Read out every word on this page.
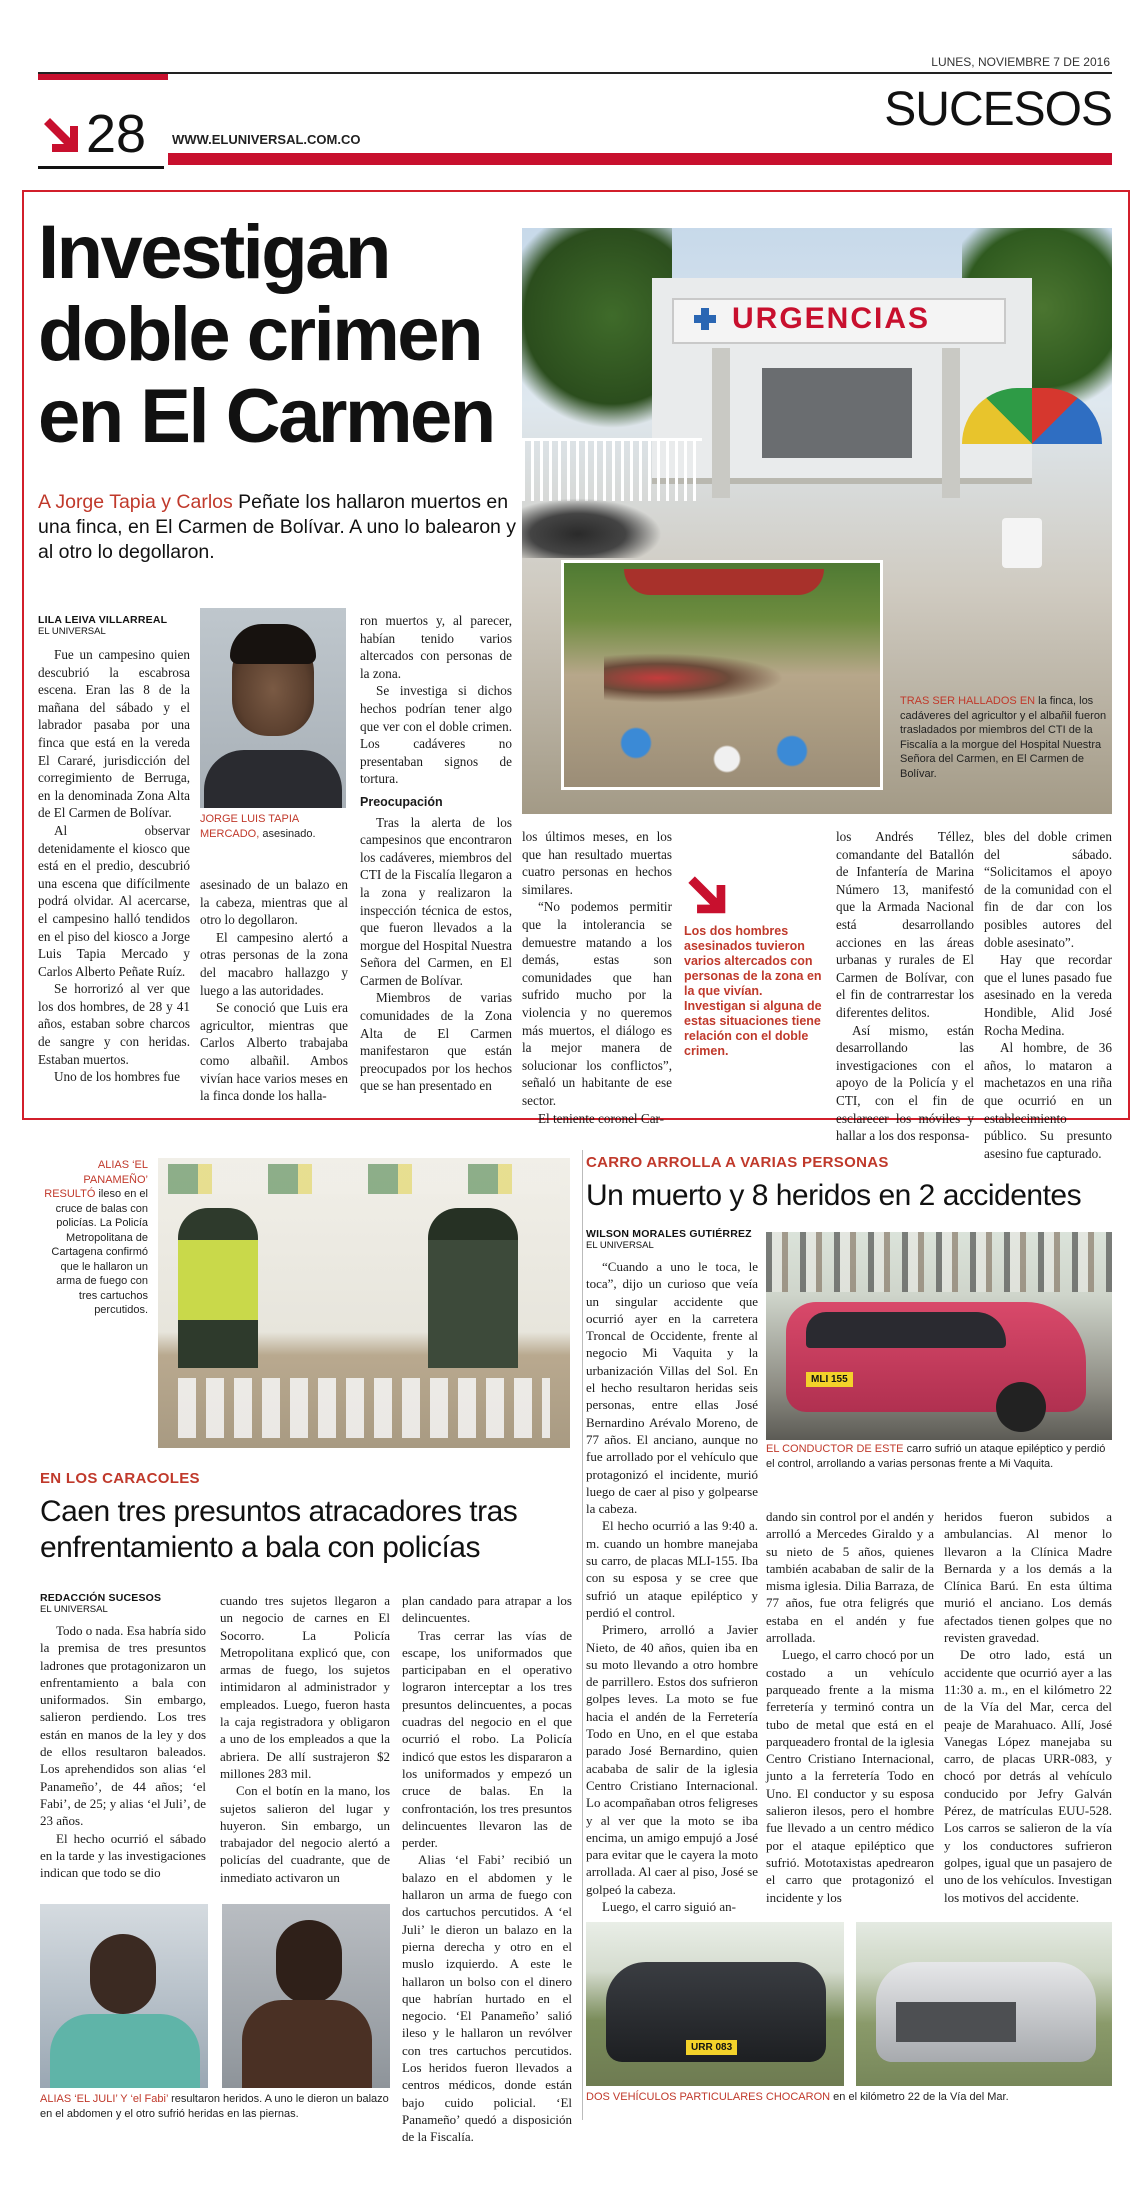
LUNES, NOVIEMBRE 7 DE 2016
SUCESOS
28 WWW.ELUNIVERSAL.COM.CO
Investigan
doble crimen
en El Carmen
A Jorge Tapia y Carlos Peñate los hallaron muertos en una finca, en El Carmen de Bolívar. A uno lo balearon y al otro lo degollaron.
URGENCIAS
TRAS SER HALLADOS EN la finca, los cadáveres del agricultor y el albañil fueron trasladados por miembros del CTI de la Fiscalía a la morgue del Hospital Nuestra Señora del Carmen, en El Carmen de Bolívar.
LILA LEIVA VILLARREAL
EL UNIVERSAL

Fue un campesino quien descubrió la escabrosa escena. Eran las 8 de la mañana del sábado y el labrador pasaba por una finca que está en la vereda El Cararé, jurisdicción del corregimiento de Berruga, en la denominada Zona Alta de El Carmen de Bolívar.

Al observar detenidamente el kiosco que está en el predio, descubrió una escena que difícilmente podrá olvidar. Al acercarse, el campesino halló tendidos en el piso del kiosco a Jorge Luis Tapia Mercado y Carlos Alberto Peñate Ruíz.

Se horrorizó al ver que los dos hombres, de 28 y 41 años, estaban sobre charcos de sangre y con heridas. Estaban muertos.

Uno de los hombres fue

JORGE LUIS TAPIA MERCADO, asesinado.

asesinado de un balazo en la cabeza, mientras que al otro lo degollaron.

El campesino alertó a otras personas de la zona del macabro hallazgo y luego a las autoridades.

Se conoció que Luis era agricultor, mientras que Carlos Alberto trabajaba como albañil. Ambos vivían hace varios meses en la finca donde los halla-

ron muertos y, al parecer, habían tenido varios altercados con personas de la zona.

Se investiga si dichos hechos podrían tener algo que ver con el doble crimen. Los cadáveres no presentaban signos de tortura.

Preocupación

Tras la alerta de los campesinos que encontraron los cadáveres, miembros del CTI de la Fiscalía llegaron a la zona y realizaron la inspección técnica de estos, que fueron llevados a la morgue del Hospital Nuestra Señora del Carmen, en El Carmen de Bolívar.

Miembros de varias comunidades de la Zona Alta de El Carmen manifestaron que están preocupados por los hechos que se han presentado en

los últimos meses, en los que han resultado muertas cuatro personas en hechos similares.

“No podemos permitir que la intolerancia se demuestre matando a los demás, estas son comunidades que han sufrido mucho por la violencia y no queremos más muertos, el diálogo es la mejor manera de solucionar los conflictos”, señaló un habitante de ese sector.

El teniente coronel Car-

Los dos hombres asesinados tuvieron varios altercados con personas de la zona en la que vivían. Investigan si alguna de estas situaciones tiene relación con el doble crimen.

los Andrés Téllez, comandante del Batallón de Infantería de Marina Número 13, manifestó que la Armada Nacional está desarrollando acciones en las áreas urbanas y rurales de El Carmen de Bolívar, con el fin de contrarrestar los diferentes delitos.

Así mismo, están desarrollando las investigaciones con el apoyo de la Policía y el CTI, con el fin de esclarecer los móviles y hallar a los dos responsa-

bles del doble crimen del sábado. “Solicitamos el apoyo de la comunidad con el fin de dar con los posibles autores del doble asesinato”.

Hay que recordar que el lunes pasado fue asesinado en la vereda Hondible, Alid José Rocha Medina.

Al hombre, de 36 años, lo mataron a machetazos en una riña que ocurrió en un establecimiento público. Su presunto asesino fue capturado.

ALIAS ‘EL PANAMEÑO’ RESULTÓ ileso en el cruce de balas con policías. La Policía Metropolitana de Cartagena confirmó que le hallaron un arma de fuego con tres cartuchos percutidos.
EN LOS CARACOLES
Caen tres presuntos atracadores tras enfrentamiento a bala con policías
REDACCIÓN SUCESOS
EL UNIVERSAL

Todo o nada. Esa habría sido la premisa de tres presuntos ladrones que protagonizaron un enfrentamiento a bala con uniformados. Sin embargo, salieron perdiendo. Los tres están en manos de la ley y dos de ellos resultaron baleados. Los aprehendidos son alias ‘el Panameño’, de 44 años; ‘el Fabi’, de 25; y alias ‘el Juli’, de 23 años.

El hecho ocurrió el sábado en la tarde y las investigaciones indican que todo se dio

cuando tres sujetos llegaron a un negocio de carnes en El Socorro. La Policía Metropolitana explicó que, con armas de fuego, los sujetos intimidaron al administrador y empleados. Luego, fueron hasta la caja registradora y obligaron a uno de los empleados a que la abriera. De allí sustrajeron $2 millones 283 mil.

Con el botín en la mano, los sujetos salieron del lugar y huyeron. Sin embargo, un trabajador del negocio alertó a policías del cuadrante, que de inmediato activaron un

plan candado para atrapar a los delincuentes.

Tras cerrar las vías de escape, los uniformados que participaban en el operativo lograron interceptar a los tres presuntos delincuentes, a pocas cuadras del negocio en el que ocurrió el robo. La Policía indicó que estos les dispararon a los uniformados y empezó un cruce de balas. En la confrontación, los tres presuntos delincuentes llevaron las de perder.

Alias ‘el Fabi’ recibió un balazo en el abdomen y le hallaron un arma de fuego con dos cartuchos percutidos. A ‘el Juli’ le dieron un balazo en la pierna derecha y otro en el muslo izquierdo. A este le hallaron un bolso con el dinero que habrían hurtado en el negocio. ‘El Panameño’ salió ileso y le hallaron un revólver con tres cartuchos percutidos. Los heridos fueron llevados a centros médicos, donde están bajo cuido policial. ‘El Panameño’ quedó a disposición de la Fiscalía.

ALIAS ‘EL JULI’ Y ‘el Fabi’ resultaron heridos. A uno le dieron un balazo en el abdomen y el otro sufrió heridas en las piernas.
CARRO ARROLLA A VARIAS PERSONAS
Un muerto y 8 heridos en 2 accidentes
WILSON MORALES GUTIÉRREZ
EL UNIVERSAL

“Cuando a uno le toca, le toca”, dijo un curioso que veía un singular accidente que ocurrió ayer en la carretera Troncal de Occidente, frente al negocio Mi Vaquita y la urbanización Villas del Sol. En el hecho resultaron heridas seis personas, entre ellas José Bernardino Arévalo Moreno, de 77 años. El anciano, aunque no fue arrollado por el vehículo que protagonizó el incidente, murió luego de caer al piso y golpearse la cabeza.

El hecho ocurrió a las 9:40 a. m. cuando un hombre manejaba su carro, de placas MLI-155. Iba con su esposa y se cree que sufrió un ataque epiléptico y perdió el control.

Primero, arrolló a Javier Nieto, de 40 años, quien iba en su moto llevando a otro hombre de parrillero. Estos dos sufrieron golpes leves. La moto se fue hacia el andén de la Ferretería Todo en Uno, en el que estaba parado José Bernardino, quien acababa de salir de la iglesia Centro Cristiano Internacional. Lo acompañaban otros feligreses y al ver que la moto se iba encima, un amigo empujó a José para evitar que le cayera la moto arrollada. Al caer al piso, José se golpeó la cabeza.

Luego, el carro siguió an-

MLI 155
EL CONDUCTOR DE ESTE carro sufrió un ataque epiléptico y perdió el control, arrollando a varias personas frente a Mi Vaquita.

dando sin control por el andén y arrolló a Mercedes Giraldo y a su nieto de 5 años, quienes también acababan de salir de la misma iglesia. Dilia Barraza, de 77 años, fue otra feligrés que estaba en el andén y fue arrollada.

Luego, el carro chocó por un costado a un vehículo parqueado frente a la misma ferretería y terminó contra un tubo de metal que está en el parqueadero frontal de la iglesia Centro Cristiano Internacional, junto a la ferretería Todo en Uno. El conductor y su esposa salieron ilesos, pero el hombre fue llevado a un centro médico por el ataque epiléptico que sufrió. Mototaxistas apedrearon el carro que protagonizó el incidente y los

heridos fueron subidos a ambulancias. Al menor lo llevaron a la Clínica Madre Bernarda y a los demás a la Clínica Barú. En esta última murió el anciano. Los demás afectados tienen golpes que no revisten gravedad.

De otro lado, está un accidente que ocurrió ayer a las 11:30 a. m., en el kilómetro 22 de la Vía del Mar, cerca del peaje de Marahuaco. Allí, José Vanegas López manejaba su carro, de placas URR-083, y chocó por detrás al vehículo conducido por Jefry Galván Pérez, de matrículas EUU-528. Los carros se salieron de la vía y los conductores sufrieron golpes, igual que un pasajero de uno de los vehículos. Investigan los motivos del accidente.

URR 083
DOS VEHÍCULOS PARTICULARES CHOCARON en el kilómetro 22 de la Vía del Mar.
